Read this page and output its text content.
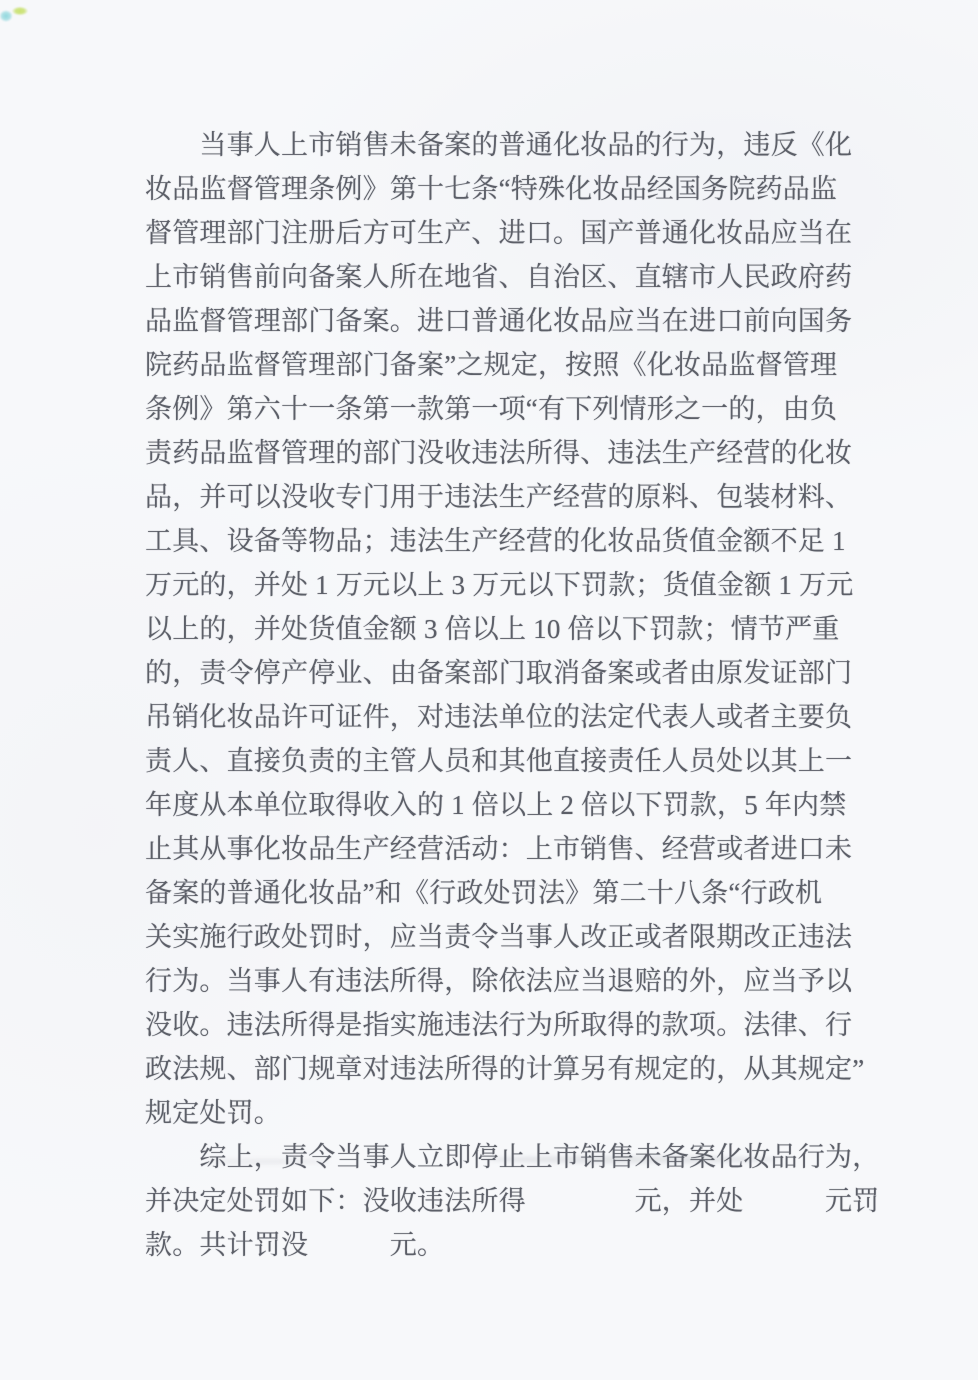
　　当事人上市销售未备案的普通化妆品的行为，违反《化
妆品监督管理条例》第十七条“特殊化妆品经国务院药品监
督管理部门注册后方可生产、进口。国产普通化妆品应当在
上市销售前向备案人所在地省、自治区、直辖市人民政府药
品监督管理部门备案。进口普通化妆品应当在进口前向国务
院药品监督管理部门备案”之规定，按照《化妆品监督管理
条例》第六十一条第一款第一项“有下列情形之一的，由负
责药品监督管理的部门没收违法所得、违法生产经营的化妆
品，并可以没收专门用于违法生产经营的原料、包装材料、
工具、设备等物品；违法生产经营的化妆品货值金额不足 1
万元的，并处 1 万元以上 3 万元以下罚款；货值金额 1 万元
以上的，并处货值金额 3 倍以上 10 倍以下罚款；情节严重
的，责令停产停业、由备案部门取消备案或者由原发证部门
吊销化妆品许可证件，对违法单位的法定代表人或者主要负
责人、直接负责的主管人员和其他直接责任人员处以其上一
年度从本单位取得收入的 1 倍以上 2 倍以下罚款，5 年内禁
止其从事化妆品生产经营活动：上市销售、经营或者进口未
备案的普通化妆品”和《行政处罚法》第二十八条“行政机
关实施行政处罚时，应当责令当事人改正或者限期改正违法
行为。当事人有违法所得，除依法应当退赔的外，应当予以
没收。违法所得是指实施违法行为所取得的款项。法律、行
政法规、部门规章对违法所得的计算另有规定的，从其规定”
规定处罚。
　　综上，责令当事人立即停止上市销售未备案化妆品行为，
并决定处罚如下：没收违法所得　　　　元，并处　　　元罚
款。共计罚没　　　元。
